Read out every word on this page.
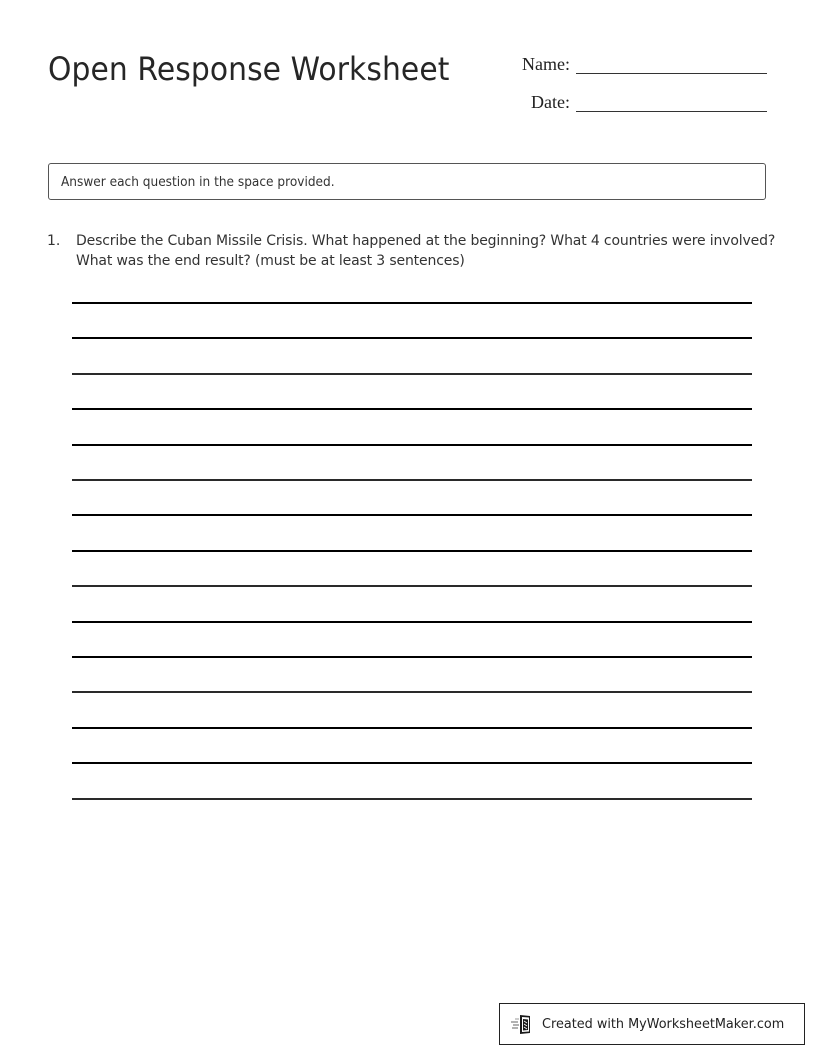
Open Response Worksheet	Name:
Date:
Answer each question in the space provided.
1.	Describe the Cuban Missile Crisis. What happened at the beginning? What 4 countries were involved? What was the end result? (must be at least 3 sentences)
Created with MyWorksheetMaker.com
